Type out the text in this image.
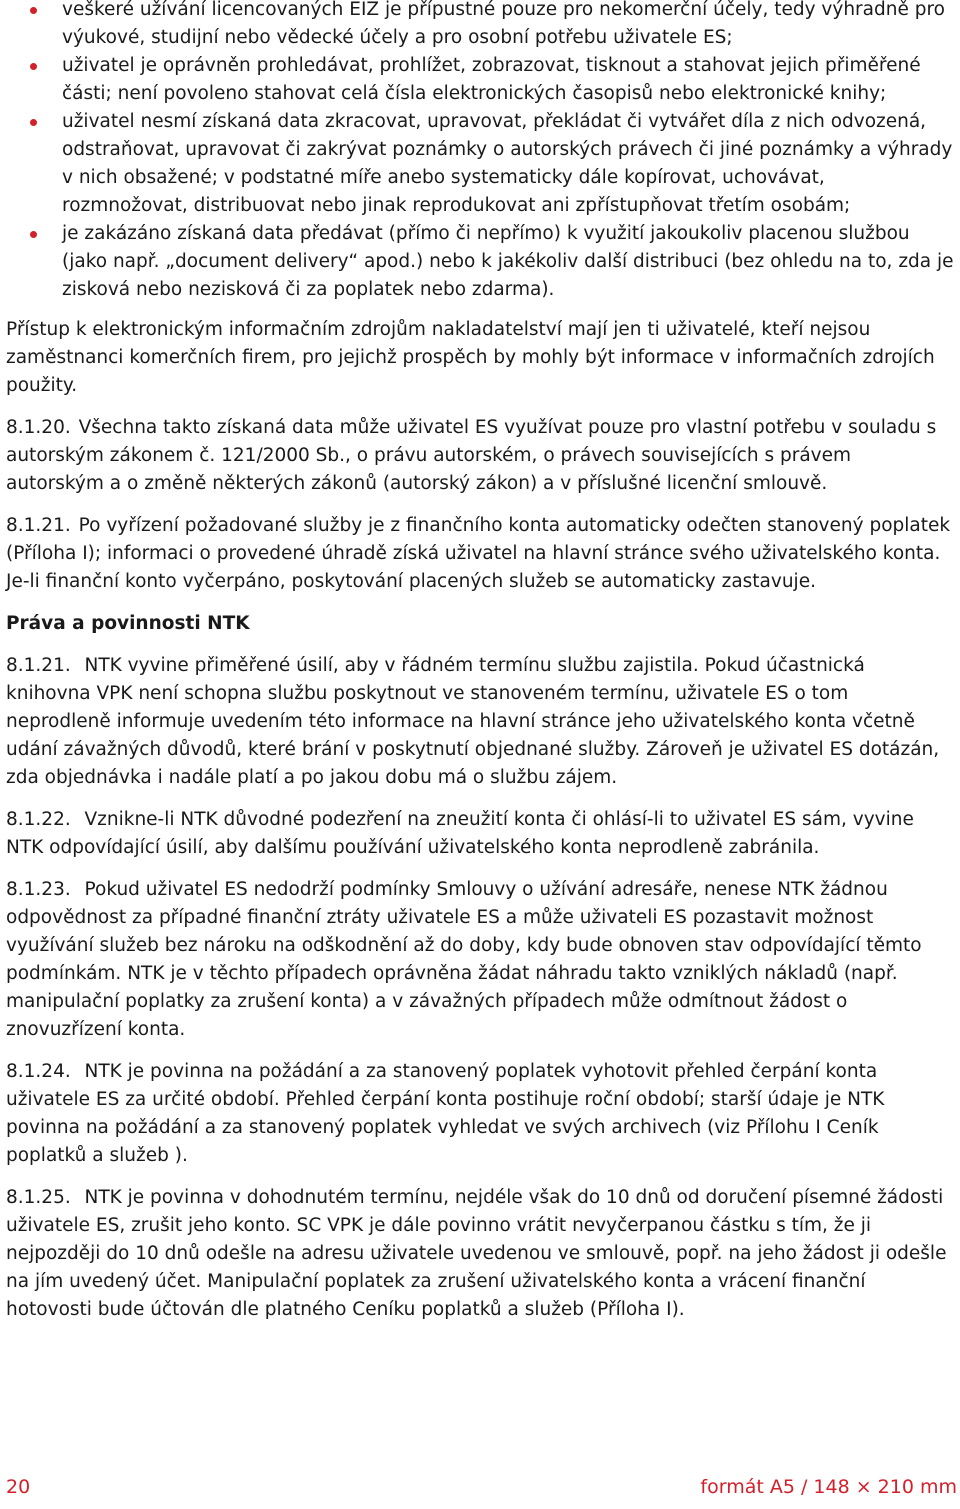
veškeré užívání licencovaných EIZ je přípustné pouze pro nekomerční účely, tedy výhradně pro výukové, studijní nebo vědecké účely a pro osobní potřebu uživatele ES;
uživatel je oprávněn prohledávat, prohlížet, zobrazovat, tisknout a stahovat jejich přiměřené části; není povoleno stahovat celá čísla elektronických časopisů nebo elektronické knihy;
uživatel nesmí získaná data zkracovat, upravovat, překládat či vytvářet díla z nich odvozená, odstraňovat, upravovat či zakrývat poznámky o autorských právech či jiné poznámky a výhrady v nich obsažené; v podstatné míře anebo systematicky dále kopírovat, uchovávat, rozmnožovat, distribuovat nebo jinak reprodukovat ani zpřístupňovat třetím osobám;
je zakázáno získaná data předávat (přímo či nepřímo) k využití jakoukoliv placenou službou (jako např. „document delivery“ apod.) nebo k jakékoliv další distribuci (bez ohledu na to, zda je zisková nebo nezisková či za poplatek nebo zdarma).

Přístup k elektronickým informačním zdrojům nakladatelství mají jen ti uživatelé, kteří nejsou zaměstnanci komerčních firem, pro jejichž prospěch by mohly být informace v informačních zdrojích použity.

8.1.20. Všechna takto získaná data může uživatel ES využívat pouze pro vlastní potřebu v souladu s autorským zákonem č. 121/2000 Sb., o právu autorském, o právech souvisejících s právem autorským a o změně některých zákonů (autorský zákon) a v příslušné licenční smlouvě.

8.1.21. Po vyřízení požadované služby je z finančního konta automaticky odečten stanovený poplatek (Příloha I); informaci o provedené úhradě získá uživatel na hlavní stránce svého uživatelského konta. Je-li finanční konto vyčerpáno, poskytování placených služeb se automaticky zastavuje.

Práva a povinnosti NTK

8.1.21. NTK vyvine přiměřené úsilí, aby v řádném termínu službu zajistila. Pokud účastnická knihovna VPK není schopna službu poskytnout ve stanoveném termínu, uživatele ES o tom neprodleně informuje uvedením této informace na hlavní stránce jeho uživatelského konta včetně udání závažných důvodů, které brání v poskytnutí objednané služby. Zároveň je uživatel ES dotázán, zda objednávka i nadále platí a po jakou dobu má o službu zájem.

8.1.22. Vznikne-li NTK důvodné podezření na zneužití konta či ohlásí-li to uživatel ES sám, vyvine NTK odpovídající úsilí, aby dalšímu používání uživatelského konta neprodleně zabránila.

8.1.23. Pokud uživatel ES nedodrží podmínky Smlouvy o užívání adresáře, nenese NTK žádnou odpovědnost za případné finanční ztráty uživatele ES a může uživateli ES pozastavit možnost využívání služeb bez nároku na odškodnění až do doby, kdy bude obnoven stav odpovídající těmto podmínkám. NTK je v těchto případech oprávněna žádat náhradu takto vzniklých nákladů (např. manipulační poplatky za zrušení konta) a v závažných případech může odmítnout žádost o znovuzřízení konta.

8.1.24. NTK je povinna na požádání a za stanovený poplatek vyhotovit přehled čerpání konta uživatele ES za určité období. Přehled čerpání konta postihuje roční období; starší údaje je NTK povinna na požádání a za stanovený poplatek vyhledat ve svých archivech (viz Přílohu I Ceník poplatků a služeb ).

8.1.25. NTK je povinna v dohodnutém termínu, nejdéle však do 10 dnů od doručení písemné žádosti uživatele ES, zrušit jeho konto. SC VPK je dále povinno vrátit nevyčerpanou částku s tím, že ji nejpozději do 10 dnů odešle na adresu uživatele uvedenou ve smlouvě, popř. na jeho žádost ji odešle na jím uvedený účet. Manipulační poplatek za zrušení uživatelského konta a vrácení finanční hotovosti bude účtován dle platného Ceníku poplatků a služeb (Příloha I).

20	formát A5 / 148 × 210 mm
